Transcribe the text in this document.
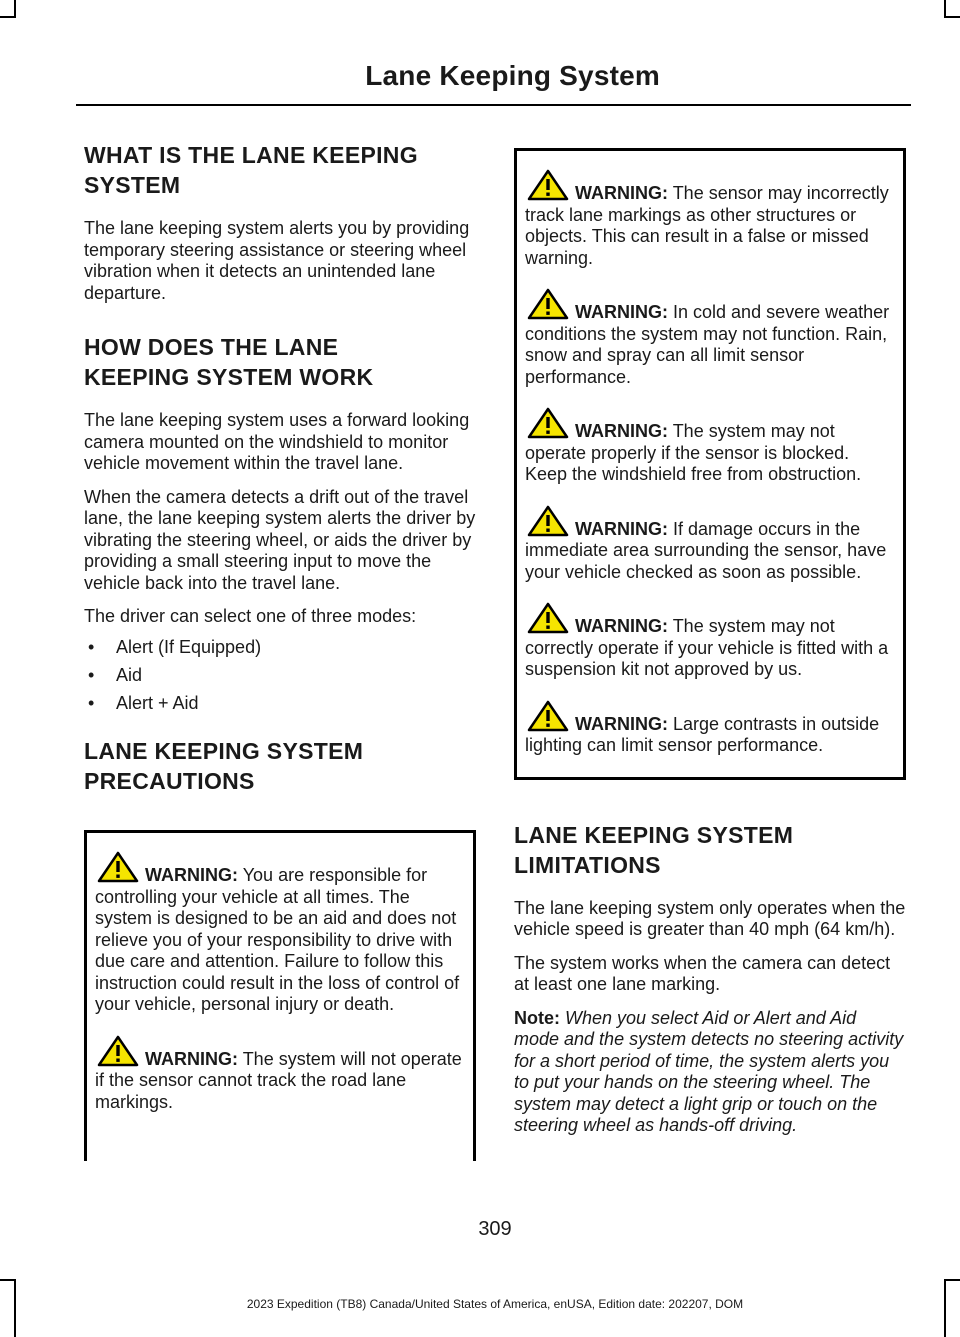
Lane Keeping System
WHAT IS THE LANE KEEPING
SYSTEM

The lane keeping system alerts you by providing temporary steering assistance or steering wheel vibration when it detects an unintended lane departure.

HOW DOES THE LANE
KEEPING SYSTEM WORK

The lane keeping system uses a forward looking camera mounted on the windshield to monitor vehicle movement within the travel lane.

When the camera detects a drift out of the travel lane, the lane keeping system alerts the driver by vibrating the steering wheel, or aids the driver by providing a small steering input to move the vehicle back into the travel lane.

The driver can select one of three modes:

• Alert (If Equipped)
• Aid
• Alert + Aid
LANE KEEPING SYSTEM
PRECAUTIONS

WARNING: You are responsible for controlling your vehicle at all times. The system is designed to be an aid and does not relieve you of your responsibility to drive with due care and attention. Failure to follow this instruction could result in the loss of control of your vehicle, personal injury or death.

WARNING: The system will not operate if the sensor cannot track the road lane markings.

WARNING: The sensor may incorrectly track lane markings as other structures or objects. This can result in a false or missed warning.

WARNING: In cold and severe weather conditions the system may not function. Rain, snow and spray can all limit sensor performance.

WARNING: The system may not operate properly if the sensor is blocked. Keep the windshield free from obstruction.

WARNING: If damage occurs in the immediate area surrounding the sensor, have your vehicle checked as soon as possible.

WARNING: The system may not correctly operate if your vehicle is fitted with a suspension kit not approved by us.

WARNING: Large contrasts in outside lighting can limit sensor performance.

LANE KEEPING SYSTEM
LIMITATIONS

The lane keeping system only operates when the vehicle speed is greater than 40 mph (64 km/h).

The system works when the camera can detect at least one lane marking.

Note: When you select Aid or Alert and Aid mode and the system detects no steering activity for a short period of time, the system alerts you to put your hands on the steering wheel. The system may detect a light grip or touch on the steering wheel as hands-off driving.

309
2023 Expedition (TB8) Canada/United States of America, enUSA, Edition date: 202207, DOM
